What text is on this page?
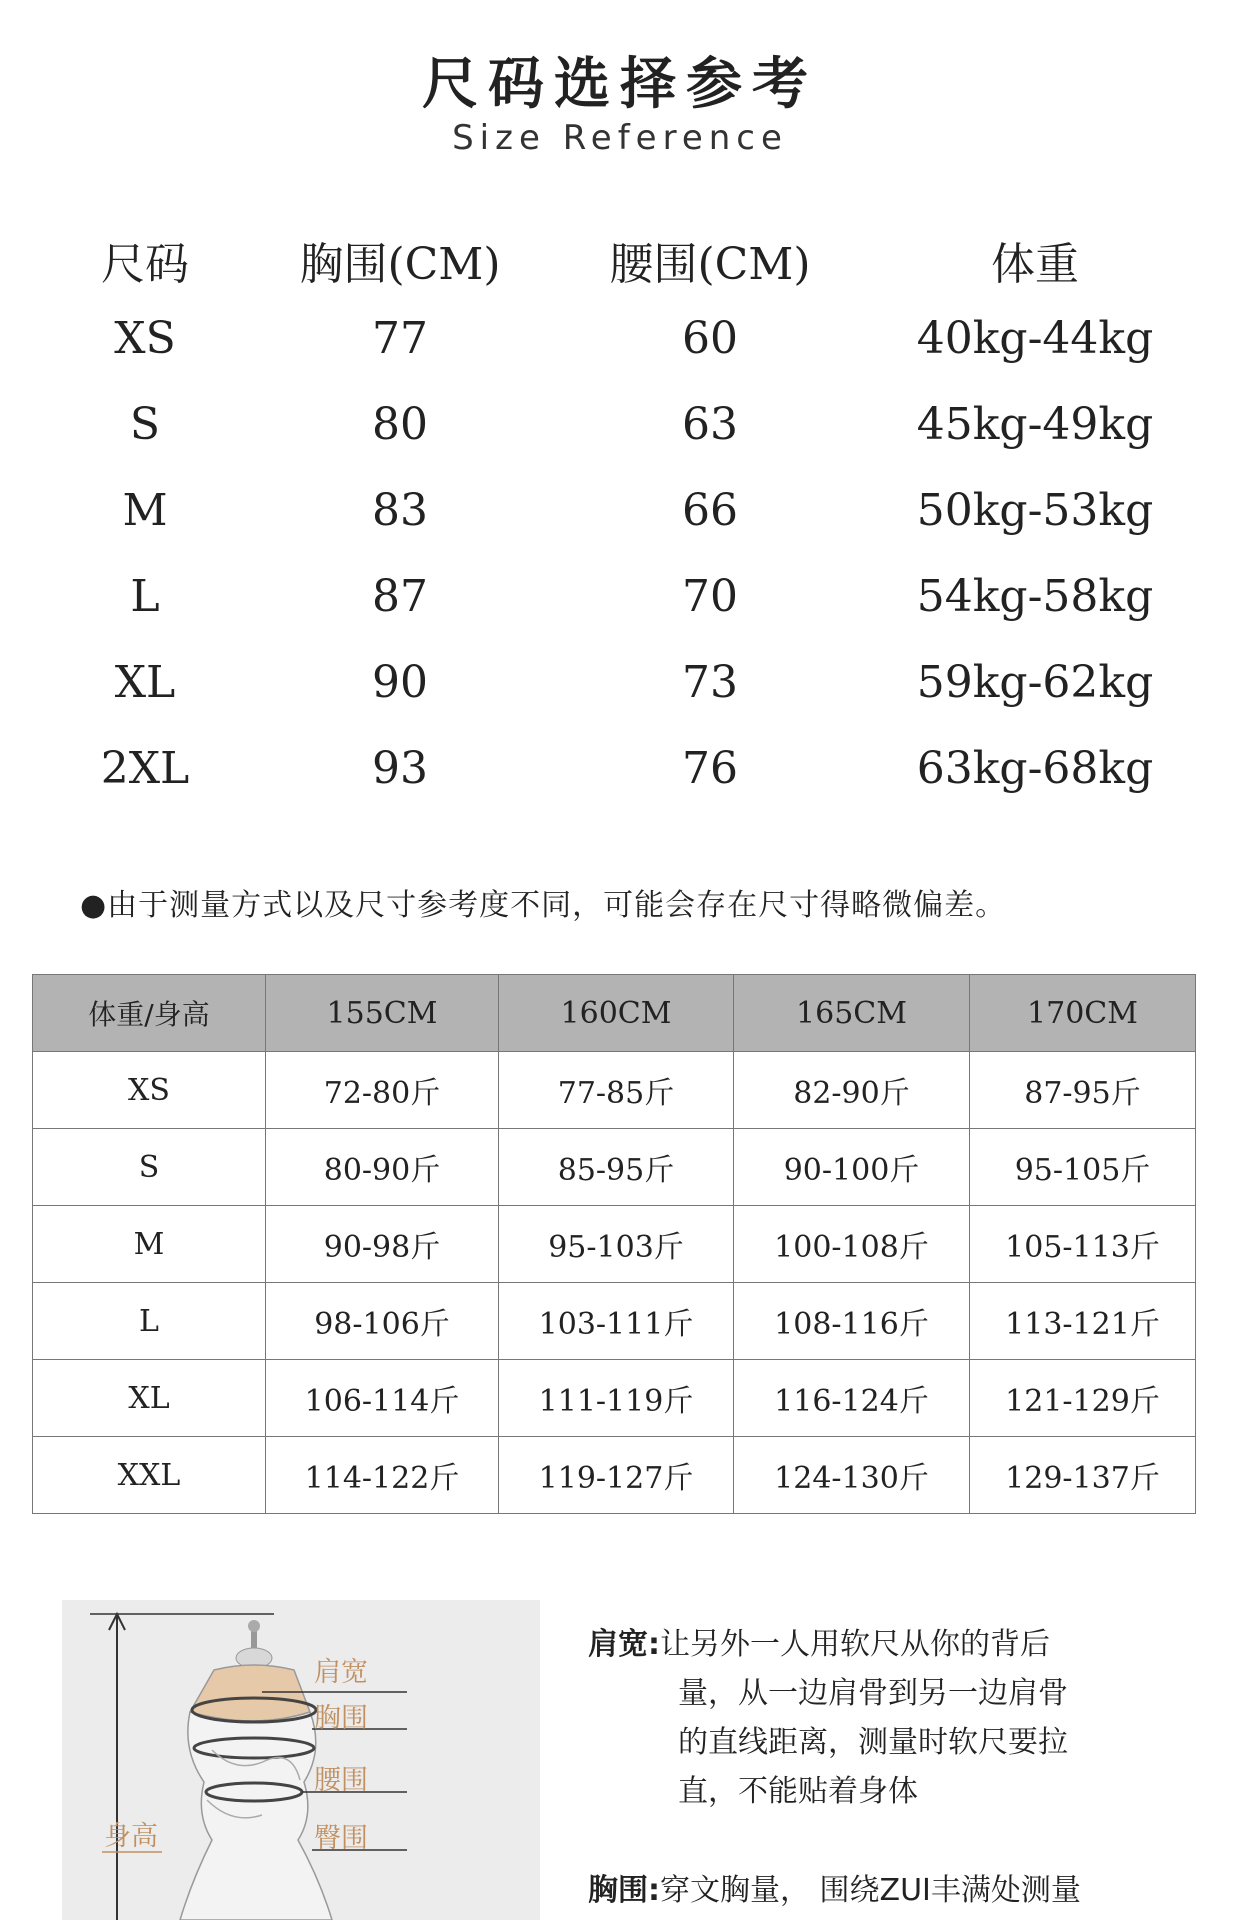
尺码选择参考
Size Reference
尺码	胸围(CM)	腰围(CM)	体重
XS	77	60	40kg-44kg
S	80	63	45kg-49kg
M	83	66	50kg-53kg
L	87	70	54kg-58kg
XL	90	73	59kg-62kg
2XL	93	76	63kg-68kg
●由于测量方式以及尺寸参考度不同，可能会存在尺寸得略微偏差。
体重/身高	155CM	160CM	165CM	170CM
XS	72-80斤	77-85斤	82-90斤	87-95斤
S	80-90斤	85-95斤	90-100斤	95-105斤
M	90-98斤	95-103斤	100-108斤	105-113斤
L	98-106斤	103-111斤	108-116斤	113-121斤
XL	106-114斤	111-119斤	116-124斤	121-129斤
XXL	114-122斤	119-127斤	124-130斤	129-137斤
肩宽
胸围
腰围
臀围
身高
肩宽:让另外一人用软尺从你的背后
量，从一边肩骨到另一边肩骨
的直线距离，测量时软尺要拉
直，不能贴着身体
胸围:穿文胸量， 围绕ZUI丰满处测量
